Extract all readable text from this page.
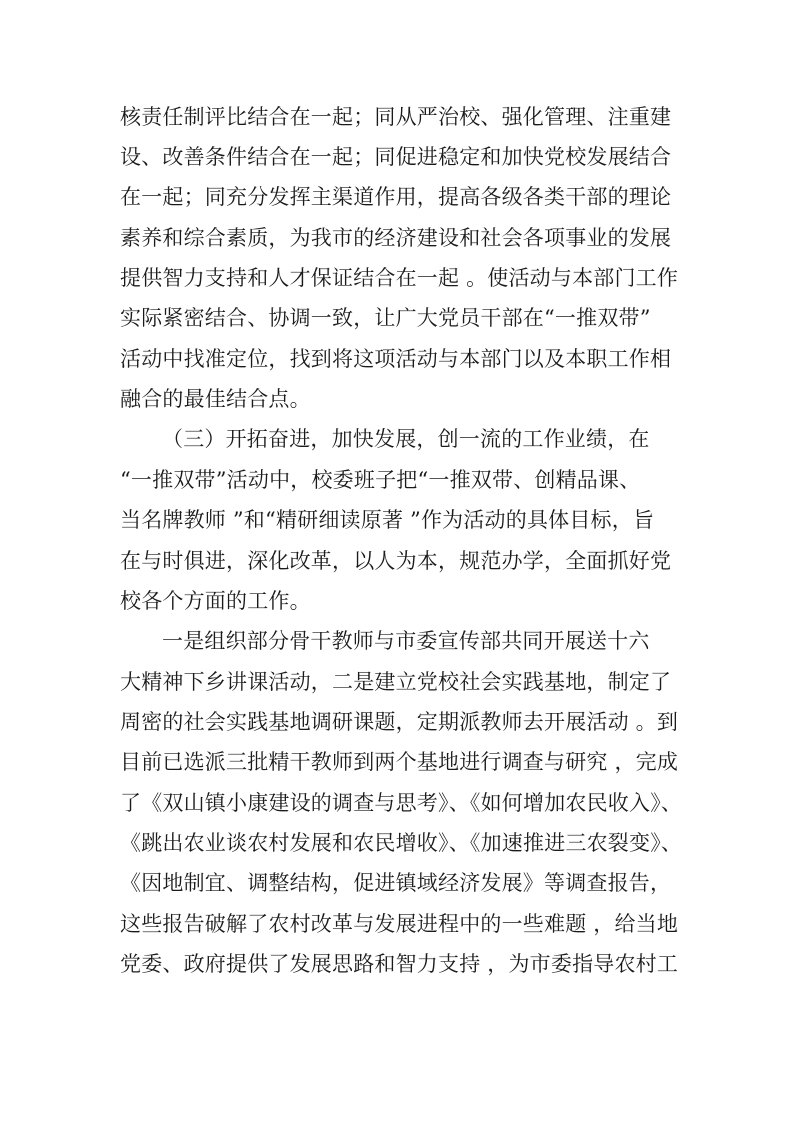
核责任制评比结合在一起；同从严治校、强化管理、注重建
设、改善条件结合在一起；同促进稳定和加快党校发展结合
在一起；同充分发挥主渠道作用，提高各级各类干部的理论
素养和综合素质，为我市的经济建设和社会各项事业的发展
提供智力支持和人才保证结合在一起 。使活动与本部门工作
实际紧密结合、协调一致，让广大党员干部在“一推双带”
活动中找准定位，找到将这项活动与本部门以及本职工作相
融合的最佳结合点。
（三）开拓奋进，加快发展，创一流的工作业绩，在
“一推双带”活动中，校委班子把“一推双带、创精品课、
当名牌教师 ”和“精研细读原著 ”作为活动的具体目标，旨
在与时俱进，深化改革，以人为本，规范办学，全面抓好党
校各个方面的工作。
一是组织部分骨干教师与市委宣传部共同开展送十六
大精神下乡讲课活动，二是建立党校社会实践基地，制定了
周密的社会实践基地调研课题，定期派教师去开展活动 。到
目前已选派三批精干教师到两个基地进行调查与研究 ，完成
了《双山镇小康建设的调查与思考》、《如何增加农民收入》、
《跳出农业谈农村发展和农民增收》、《加速推进三农裂变》、
《因地制宜、调整结构，促进镇域经济发展》等调查报告，
这些报告破解了农村改革与发展进程中的一些难题 ，给当地
党委、政府提供了发展思路和智力支持 ，为市委指导农村工
